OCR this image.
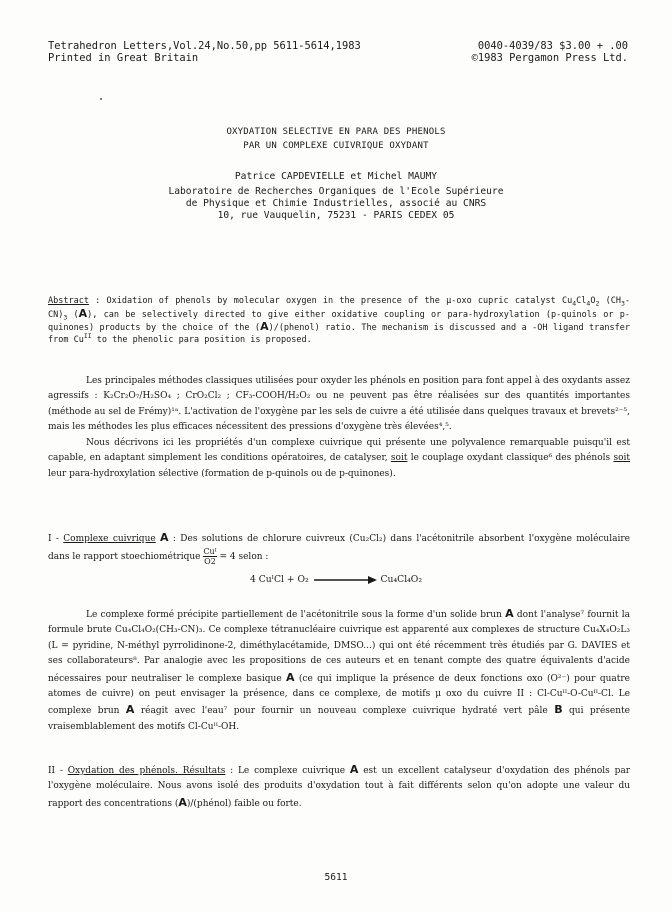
Tetrahedron Letters,Vol.24,No.50,pp 5611-5614,1983	0040-4039/83 $3.00 + .00
Printed in Great Britain	©1983 Pergamon Press Ltd.
OXYDATION SELECTIVE EN PARA DES PHENOLS
PAR UN COMPLEXE CUIVRIQUE OXYDANT
Patrice CAPDEVIELLE et Michel MAUMY
Laboratoire de Recherches Organiques de l'Ecole Supérieure
de Physique et Chimie Industrielles, associé au CNRS
10, rue Vauquelin, 75231 - PARIS CEDEX 05
Abstract : Oxidation of phenols by molecular oxygen in the presence of the μ-oxo cupric catalyst $Cu_4Cl_4O_2$ $(CH_3-CN)_3$ (A), can be selectively directed to give either oxidative coupling or para-hydroxylation (p-quinols or p-quinones) products by the choice of the (A)/(phenol) ratio. The mechanism is discussed and a -OH ligand transfer from $Cu^{II}$ to the phenolic para position is proposed.
Les principales méthodes classiques utilisées pour oxyder les phénols en position para font appel à des oxydants assez agressifs : K₂Cr₂O₇/H₂SO₄ ; CrO₂Cl₂ ; CF₃-COOH/H₂O₂ ou ne peuvent pas être réalisées sur des quantités importantes (méthode au sel de Frémy)¹ᵃ. L'activation de l'oxygène par les sels de cuivre a été utilisée dans quelques travaux et brevets²⁻⁵, mais les méthodes les plus efficaces nécessitent des pressions d'oxygène très élevées⁴,⁵.
Nous décrivons ici les propriétés d'un complexe cuivrique qui présente une polyvalence remarquable puisqu'il est capable, en adaptant simplement les conditions opératoires, de catalyser, soit le couplage oxydant classique⁶ des phénols soit leur para-hydroxylation sélective (formation de p-quinols ou de p-quinones).
I - Complexe cuivrique A : Des solutions de chlorure cuivreux (Cu₂Cl₂) dans l'acétonitrile absorbent l'oxygène moléculaire dans le rapport stoechiométrique
Cuᴵ
O2 = 4 selon :
4 CuᴵCl + O₂	Cu₄Cl₄O₂
Le complexe formé précipite partiellement de l'acétonitrile sous la forme d'un solide brun A dont l'analyse⁷ fournit la formule brute Cu₄Cl₄O₂(CH₃-CN)₃. Ce complexe tétranucléaire cuivrique est apparenté aux complexes de structure Cu₄X₄O₂L₃ (L = pyridine, N-méthyl pyrrolidinone-2, diméthylacétamide, DMSO...) qui ont été récemment très étudiés par G. DAVIES et ses collaborateurs⁸. Par analogie avec les propositions de ces auteurs et en tenant compte des quatre équivalents d'acide nécessaires pour neutraliser le complexe basique A (ce qui implique la présence de deux fonctions oxo (O²⁻) pour quatre atomes de cuivre) on peut envisager la présence, dans ce complexe, de motifs μ oxo du cuivre II : Cl-Cuᴵᴵ-O-Cuᴵᴵ-Cl. Le complexe brun A réagit avec l'eau⁷ pour fournir un nouveau complexe cuivrique hydraté vert pâle B qui présente vraisemblablement des motifs Cl-Cuᴵᴵ-OH.
II - Oxydation des phénols. Résultats : Le complexe cuivrique A est un excellent catalyseur d'oxydation des phénols par l'oxygène moléculaire. Nous avons isolé des produits d'oxydation tout à fait différents selon qu'on adopte une valeur du rapport des concentrations (A)/(phénol) faible ou forte.
5611
